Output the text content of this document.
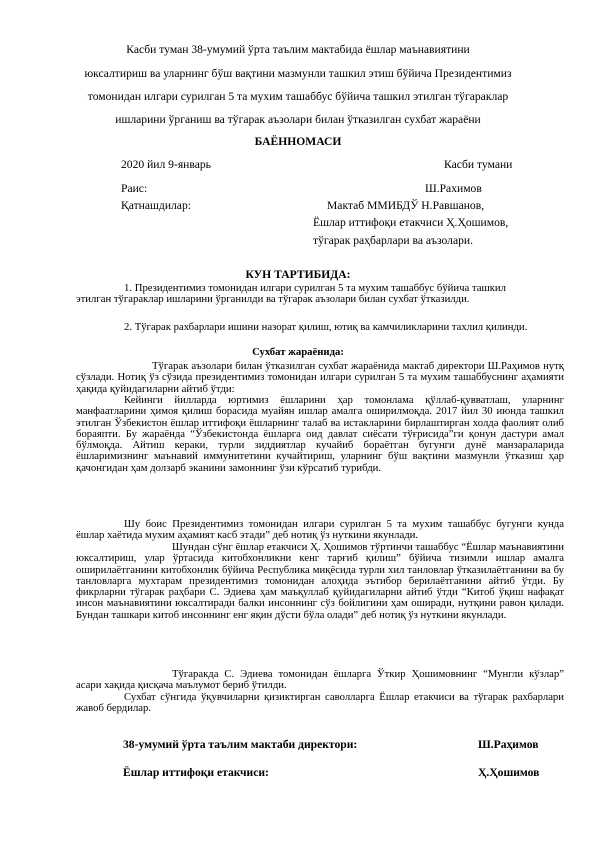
Касби туман 38-умумий ўрта таълим мактабида ёшлар маънавиятини
юксалтириш ва уларнинг бўш вақтини мазмунли ташкил этиш бўйича Президентимиз
томонидан илгари сурилган 5 та мухим ташаббус бўйича ташкил этилган тўгараклар
ишларини ўрганиш ва тўгарак аъзолари билан ўтказилган сухбат жараёни
БАЁННОМАСИ
2020 йил 9-январь	Касби тумани
Раис:	Ш.Рахимов
Қатнашдилар:	Мактаб ММИБДЎ Н.Равшанов,
Ёшлар иттифоқи етакчиси Ҳ.Ҳошимов,
тўгарак раҳбарлари ва аъзолари.
КУН ТАРТИБИДА:
1. Президентимиз томонидан илгари сурилган 5 та мухим ташаббус бўйича ташкил этилган тўгараклар ишларини ўрганилди ва тўгарак аъзолари билан сухбат ўтказилди.
2. Тўгарак рахбарлари ишини назорат қилиш, ютиқ ва камчиликларини тахлил қилинди.
Сухбат жараёнида:
Тўгарак аъзолари билан ўтказилган сухбат жараёнида мактаб директори Ш.Раҳимов нутқ сўзлади. Нотиқ ўз сўзида президентимиз томонидан илгари сурилган 5 та мухим ташаббуснинг аҳамияти ҳақида қуйидагиларни айтиб ўтди:
Кейинги йилларда юртимиз ёшларини ҳар томонлама қўллаб-қувватлаш, уларнинг манфаатларини ҳимоя қилиш борасида муайян ишлар амалга оширилмоқда. 2017 йил 30 июнда ташкил этилган Ўзбекистон ёшлар иттифоқи ёшларнинг талаб ва истакларини бирлаштирган холда фаолият олиб бораяпти. Бу жараёнда “Ўзбекистонда ёшларга оид давлат сиёсати тўғрисида”ги қонун дастури амал бўлмоқда. Айтиш кераки, турли зиддиятлар кучайиб бораётган бугунги дунё манзараларида ёшларимизнинг маънавий иммунитетини кучайтириш, уларнинг бўш вақтини мазмунли ўтказиш ҳар қачонгидан ҳам долзарб эканини замоннинг ўзи кўрсатиб турибди.
Шу боис Президентимиз томонидан илгари сурилган 5 та мухим ташаббус бугунги кунда ёшлар хаётида мухим аҳамият касб этади” деб нотиқ ўз нуткини якунлади.
Шундан сўнг ёшлар етакчиси Ҳ. Ҳошимов тўртинчи ташаббус “Ёшлар маънавиятини юксалтириш, улар ўртасида китобхонликни кенг тарғиб қилиш” бўйича тизимли ишлар амалга оширилаётганини китобхонлик бўйича Республика миқёсида турли хил танловлар ўтказилаётганини ва бу танловларга мухтарам президентимиз томонидан алоҳида эътибор берилаётганини айтиб ўтди. Бу фикрларни тўгарак раҳбари С. Эдиева ҳам маъқуллаб қуйидагиларни айтиб ўтди “Китоб ўқиш нафақат инсон маънавиятини юксалтиради балки инсоннинг сўз бойлигини ҳам оширади, нутқини равон қилади. Бундан ташкари китоб инсоннинг енг яқин дўсти бўла олади” деб нотиқ ўз нуткини якунлади.
Тўгаракда С. Эдиева томонидан ёшларга Ўткир Ҳошимовнинг “Мунгли кўзлар” асари хақида қисқача маълумот бериб ўтилди.
Сухбат сўнгида ўқувчиларни қизиктирган саволларга Ёшлар етакчиси ва тўгарак рахбарлари жавоб бердилар.
38-умумий ўрта таълим мактаби директори:	Ш.Раҳимов
Ёшлар иттифоқи етакчиси:	Ҳ.Ҳошимов
